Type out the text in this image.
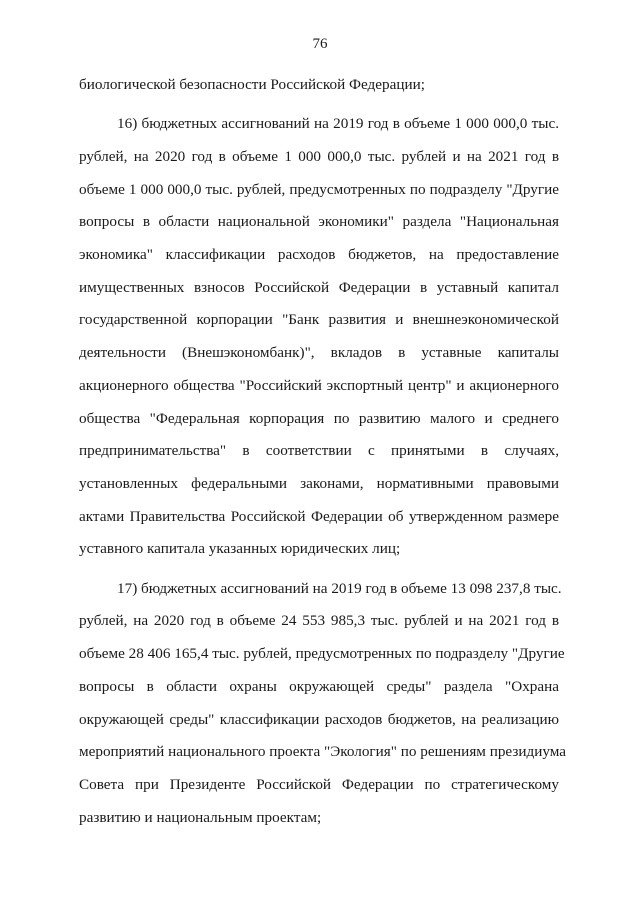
76
биологической безопасности Российской Федерации;
16) бюджетных ассигнований на 2019 год в объеме 1 000 000,0 тыс.
рублей, на 2020 год в объеме 1 000 000,0 тыс. рублей и на 2021 год в
объеме 1 000 000,0 тыс. рублей, предусмотренных по подразделу "Другие
вопросы в области национальной экономики" раздела "Национальная
экономика" классификации расходов бюджетов, на предоставление
имущественных взносов Российской Федерации в уставный капитал
государственной корпорации "Банк развития и внешнеэкономической
деятельности (Внешэкономбанк)", вкладов в уставные капиталы
акционерного общества "Российский экспортный центр" и акционерного
общества "Федеральная корпорация по развитию малого и среднего
предпринимательства" в соответствии с принятыми в случаях,
установленных федеральными законами, нормативными правовыми
актами Правительства Российской Федерации об утвержденном размере
уставного капитала указанных юридических лиц;
17) бюджетных ассигнований на 2019 год в объеме 13 098 237,8 тыс.
рублей, на 2020 год в объеме 24 553 985,3 тыс. рублей и на 2021 год в
объеме 28 406 165,4 тыс. рублей, предусмотренных по подразделу "Другие
вопросы в области охраны окружающей среды" раздела "Охрана
окружающей среды" классификации расходов бюджетов, на реализацию
мероприятий национального проекта "Экология" по решениям президиума
Совета при Президенте Российской Федерации по стратегическому
развитию и национальным проектам;
